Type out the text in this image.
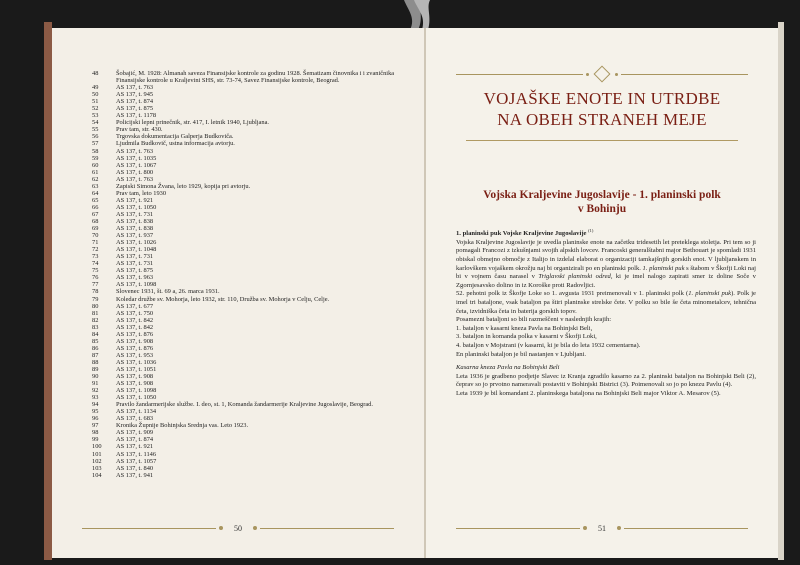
48	Šobajić, M. 1928: Almanah saveza Finansijske kontrole za godinu 1928. Šematizam činovnika i i zvaničnika Finansijske kontrole u Kraljevini SHS, str. 73-74, Savez Finansijske kontrole, Beograd.
49	AS 137, t. 763
50	AS 137, t. 945
51	AS 137, t. 874
52	AS 137, t. 875
53	AS 137, t. 1178
54	Policijski lepni prinečnik, str. 417, I. letnik 1940, Ljubljana.
55	Prav tam, str. 430.
56	Trgovska dokumentacija Galperja Budkoviča.
57	Ljudmila Budkovič, ustna informacija avtorju.
58	AS 137, t. 763
59	AS 137, t. 1035
60	AS 137, t. 1067
61	AS 137, t. 800
62	AS 137, t. 763
63	Zapiski Simona Žvana, leto 1929, kopija pri avtorju.
64	Prav tam, leto 1930
65	AS 137, t. 921
66	AS 137, t. 1050
67	AS 137, t. 731
68	AS 137, t. 838
69	AS 137, t. 838
70	AS 137, t. 937
71	AS 137, t. 1026
72	AS 137, t. 1048
73	AS 137, t. 731
74	AS 137, t. 731
75	AS 137, t. 875
76	AS 137, t. 963
77	AS 137, t. 1098
78	Slovenec 1931, št. 69 a, 26. marca 1931.
79	Koledar družbe sv. Mohorja, leto 1932, str. 110, Družba sv. Mohorja v Celju, Celje.
80	AS 137, t. 677
81	AS 137, t. 750
82	AS 137, t. 842
83	AS 137, t. 842
84	AS 137, t. 876
85	AS 137, t. 908
86	AS 137, t. 876
87	AS 137, t. 953
88	AS 137, t. 1036
89	AS 137, t. 1051
90	AS 137, t. 908
91	AS 137, t. 908
92	AS 137, t. 1098
93	AS 137, t. 1050
94	Pravilo žandarmerijske službe. I. deo, st. 1, Komanda žandarmerije Kraljevine Jugoslavije, Beograd.
95	AS 137, t. 1134
96	AS 137, t. 683
97	Kronika Župnije Bohinjska Srednja vas. Leto 1923.
98	AS 137, t. 909
99	AS 137, t. 874
100	AS 137, t. 921
101	AS 137, t. 1146
102	AS 137, t. 1057
103	AS 137, t. 840
104	AS 137, t. 941
50
VOJAŠKE ENOTE IN UTRDBE
NA OBEH STRANEH MEJE
Vojska Kraljevine Jugoslavije - 1. planinski polk
v Bohinju

1. planinski puk Vojske Kraljevine Jugoslavije $^{(1)}$

Vojska Kraljevine Jugoslavije je uvedla planinske enote na začetku tridesetih let preteklega stoletja. Pri tem so ji pomagali Francozi z izkušnjami svojih alpskih lovcev. Francoski generalštabni major Bethouart je spomladi 1931 obiskal obmejno območje z Italijo in izdelal elaborat o organizaciji tamkajšnjih gorskih enot. V ljubljanskem in karlovškem vojaškem okrožju naj bi organizirali po en planinski polk. 1. planinski puk s štabom v Škofji Loki naj bi v vojnem času narasel v Triglavski planinski odred, ki je imel nalogo zapirati smer iz doline Soče v Zgornjesavsko dolino in iz Koroške proti Radovljici.

52. pehotni polk iz Škofje Loke so 1. avgusta 1931 preimenovali v 1. planinski polk (1. planinski puk). Polk je imel tri bataljone, vsak bataljon pa štiri planinske strelske čete. V polku so bile še četa minometalcev, tehnična četa, izvidniška četa in baterija gorskih topov.

Posamezni bataljoni so bili razmeščeni v naslednjih krajih:

1. bataljon v kasarni kneza Pavla na Bohinjski Beli,

3. bataljon in komanda polka v kasarni v Škofji Loki,

4. bataljon v Mojstrani (v kasarni, ki je bila do leta 1932 cementarna).

En planinski bataljon je bil nastanjen v Ljubljani.

Kasarna kneza Pavla na Bohinjski Beli

Leta 1936 je gradbeno podjetje Slavec iz Kranja zgradilo kasarno za 2. planinski bataljon na Bohinjski Beli (2), čeprav so jo prvotno nameravali postaviti v Bohinjski Bistrici (3). Poimenovali so jo po knezu Pavlu (4).

Leta 1939 je bil komandant 2. planinskega bataljona na Bohinjski Beli major Viktor A. Mesarov (5).

51
